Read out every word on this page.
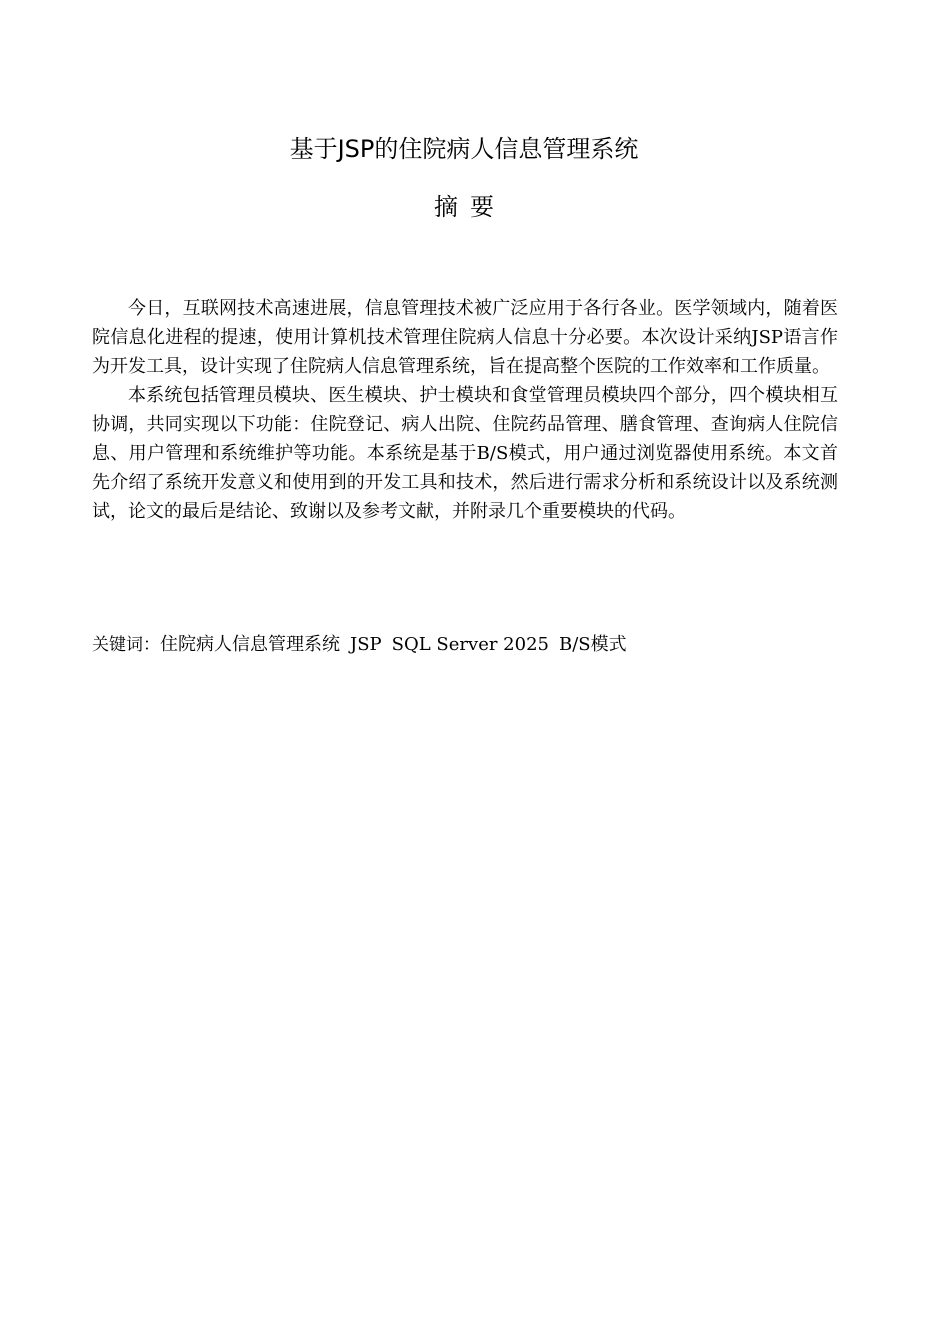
基于JSP的住院病人信息管理系统
摘要

今日，互联网技术高速进展，信息管理技术被广泛应用于各行各业。医学领域内，随着医院信息化进程的提速，使用计算机技术管理住院病人信息十分必要。本次设计采纳JSP语言作为开发工具，设计实现了住院病人信息管理系统，旨在提高整个医院的工作效率和工作质量。

本系统包括管理员模块、医生模块、护士模块和食堂管理员模块四个部分，四个模块相互协调，共同实现以下功能：住院登记、病人出院、住院药品管理、膳食管理、查询病人住院信息、用户管理和系统维护等功能。本系统是基于B/S模式，用户通过浏览器使用系统。本文首先介绍了系统开发意义和使用到的开发工具和技术，然后进行需求分析和系统设计以及系统测试，论文的最后是结论、致谢以及参考文献，并附录几个重要模块的代码。

关键词：住院病人信息管理系统 JSP SQL Server 2025 B/S模式
